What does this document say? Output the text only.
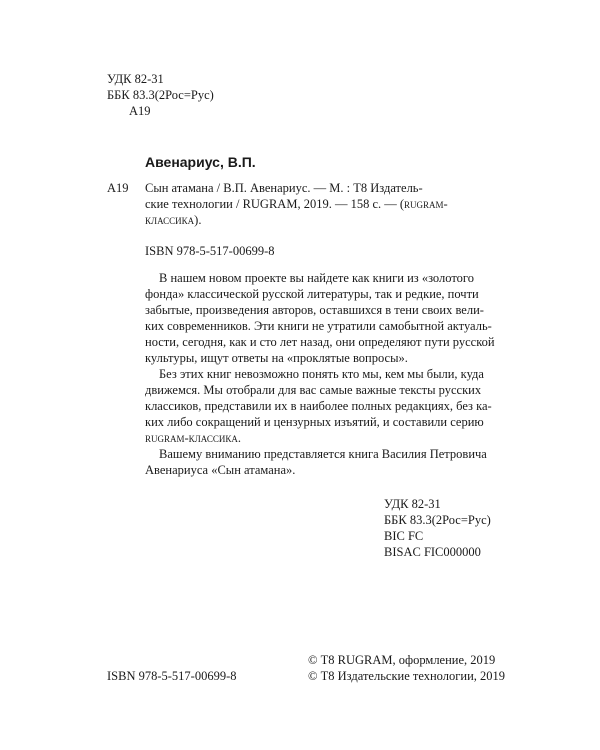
УДК 82-31
ББК 83.3(2Рос=Рус)
А19
Авенариус, В.П.
А19 Сын атамана / В.П. Авенариус. — М. : Т8 Издатель-
ские технологии / RUGRAM, 2019. — 158 с. — (rugram-
классика).
ISBN 978-5-517-00699-8
В нашем новом проекте вы найдете как книги из «золотого
фонда» классической русской литературы, так и редкие, почти
забытые, произведения авторов, оставшихся в тени своих вели-
ких современников. Эти книги не утратили самобытной актуаль-
ности, сегодня, как и сто лет назад, они определяют пути русской
культуры, ищут ответы на «проклятые вопросы».
Без этих книг невозможно понять кто мы, кем мы были, куда
движемся. Мы отобрали для вас самые важные тексты русских
классиков, представили их в наиболее полных редакциях, без ка-
ких либо сокращений и цензурных изъятий, и составили серию
rugram-классика.
Вашему вниманию представляется книга Василия Петровича
Авенариуса «Сын атамана».
УДК 82-31
ББК 83.3(2Рос=Рус)
BIC FC
BISAC FIC000000
ISBN 978-5-517-00699-8
© Т8 RUGRAM, оформление, 2019
© Т8 Издательские технологии, 2019
